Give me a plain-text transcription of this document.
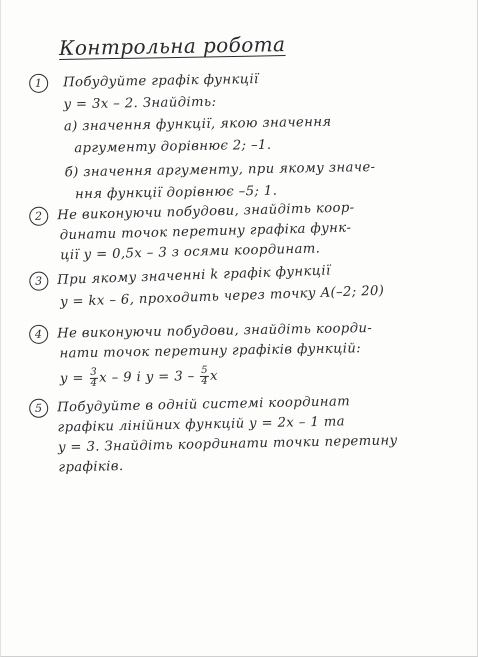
Контрольна робота
1	Побудуйте графік функції
y = 3x – 2. Знайдіть:
а) значення функції, якою значення
аргументу дорівнює 2; –1.
б) значення аргументу, при якому значе-
ння функції дорівнює –5; 1.
2	Не виконуючи побудови, знайдіть коор-
динати точок перетину графіка функ-
ції y = 0,5x – 3 з осями координат.
3	При якому значенні k графік функції
y = kx – 6, проходить через точку A(–2; 20)
4	Не виконуючи побудови, знайдіть коорди-
нати точок перетину графіків функцій:
$y = \frac{3}{4}$ x – 9 і $y = 3 - \frac{5}{4}$ x
5	Побудуйте в одній системі координат
графіки лінійних функцій y = 2x – 1 та
y = 3. Знайдіть координати точки перетину
графіків.
